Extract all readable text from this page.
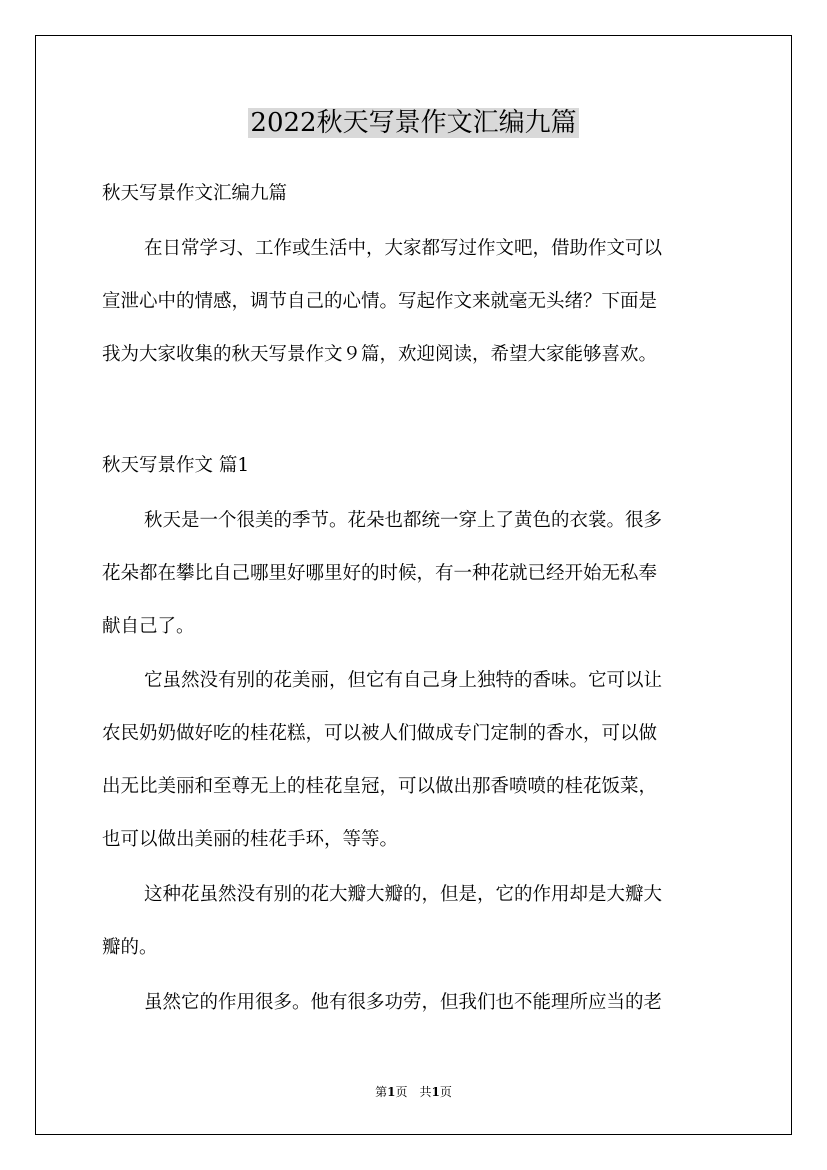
2022秋天写景作文汇编九篇
秋天写景作文汇编九篇
在日常学习、工作或生活中，大家都写过作文吧，借助作文可以
宣泄心中的情感，调节自己的心情。写起作文来就毫无头绪？下面是
我为大家收集的秋天写景作文９篇，欢迎阅读，希望大家能够喜欢。
秋天写景作文 篇1
秋天是一个很美的季节。花朵也都统一穿上了黄色的衣裳。很多
花朵都在攀比自己哪里好哪里好的时候，有一种花就已经开始无私奉
献自己了。
它虽然没有别的花美丽，但它有自己身上独特的香味。它可以让
农民奶奶做好吃的桂花糕，可以被人们做成专门定制的香水，可以做
出无比美丽和至尊无上的桂花皇冠，可以做出那香喷喷的桂花饭菜，
也可以做出美丽的桂花手环，等等。
这种花虽然没有别的花大瓣大瓣的，但是，它的作用却是大瓣大
瓣的。
虽然它的作用很多。他有很多功劳，但我们也不能理所应当的老
第1页　共1页
